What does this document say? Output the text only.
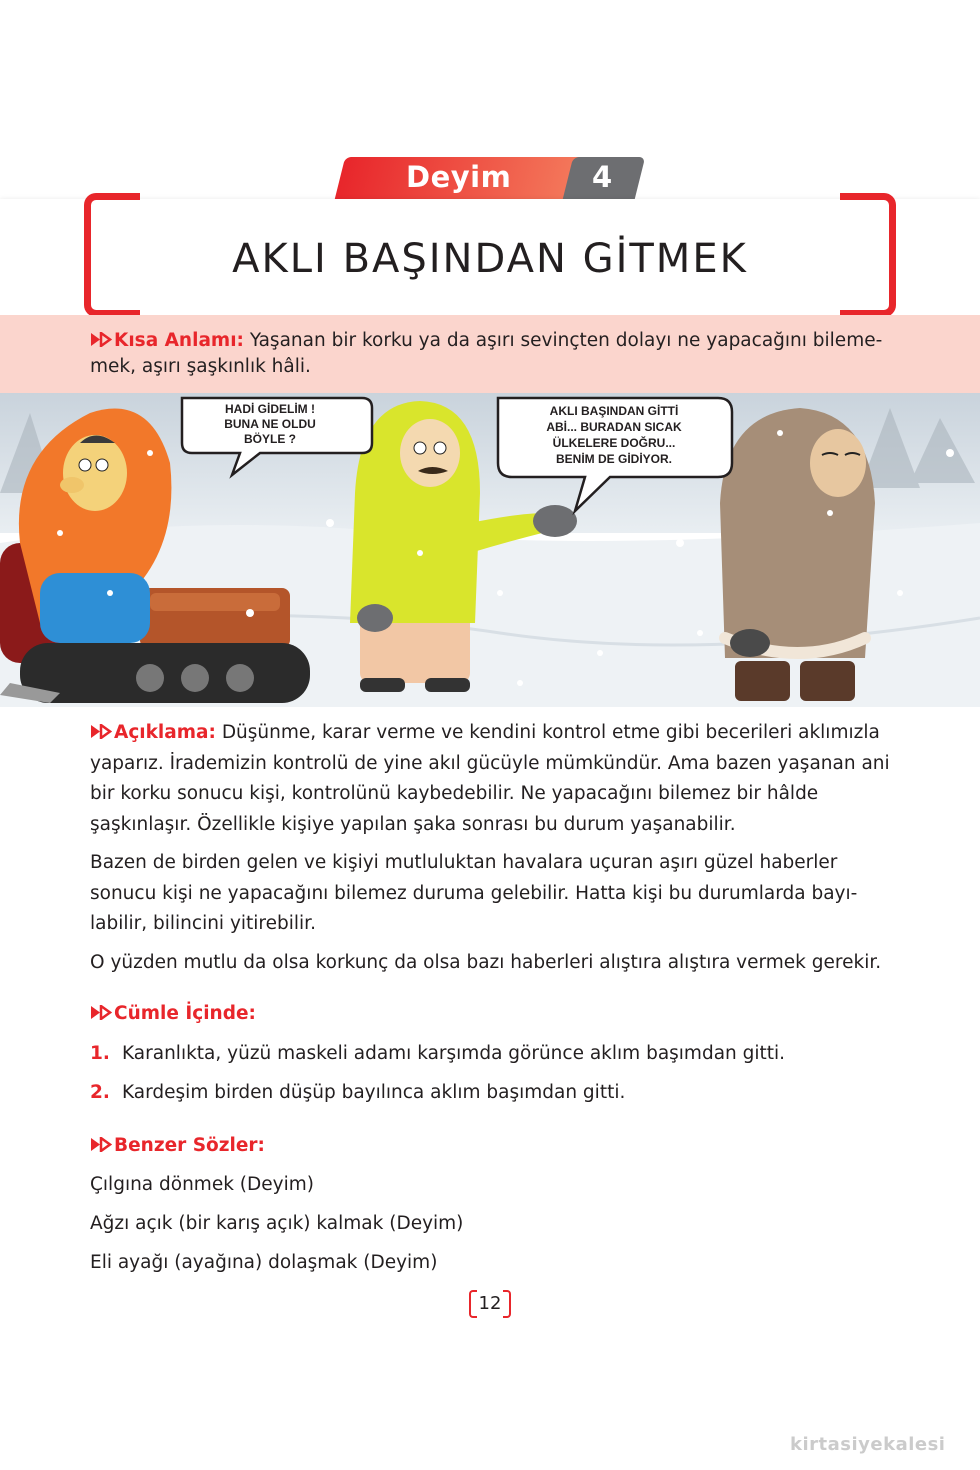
Deyim	4
AKLI BAŞINDAN GİTMEK
Kısa Anlamı: Yaşanan bir korku ya da aşırı sevinçten dolayı ne yapacağını bileme-mek, aşırı şaşkınlık hâli.
HADİ GİDELİM !
BUNA NE OLDU
BÖYLE ?
AKLI BAŞINDAN GİTTİ
ABİ... BURADAN SICAK
ÜLKELERE DOĞRU...
BENİM DE GİDİYOR.
Açıklama: Düşünme, karar verme ve kendini kontrol etme gibi becerileri aklımızla yaparız. İrademizin kontrolü de yine akıl gücüyle mümkündür. Ama bazen yaşanan ani bir korku sonucu kişi, kontrolünü kaybedebilir. Ne yapacağını bilemez bir hâlde şaşkınlaşır. Özellikle kişiye yapılan şaka sonrası bu durum yaşanabilir.
Bazen de birden gelen ve kişiyi mutluluktan havalara uçuran aşırı güzel haberler sonucu kişi ne yapacağını bilemez duruma gelebilir. Hatta kişi bu durumlarda bayı-labilir, bilincini yitirebilir.
O yüzden mutlu da olsa korkunç da olsa bazı haberleri alıştıra alıştıra vermek gerekir.
Cümle İçinde:
1. Karanlıkta, yüzü maskeli adamı karşımda görünce aklım başımdan gitti.
2. Kardeşim birden düşüp bayılınca aklım başımdan gitti.
Benzer Sözler:
Çılgına dönmek (Deyim)
Ağzı açık (bir karış açık) kalmak (Deyim)
Eli ayağı (ayağına) dolaşmak (Deyim)
12
kirtasiyekalesi
